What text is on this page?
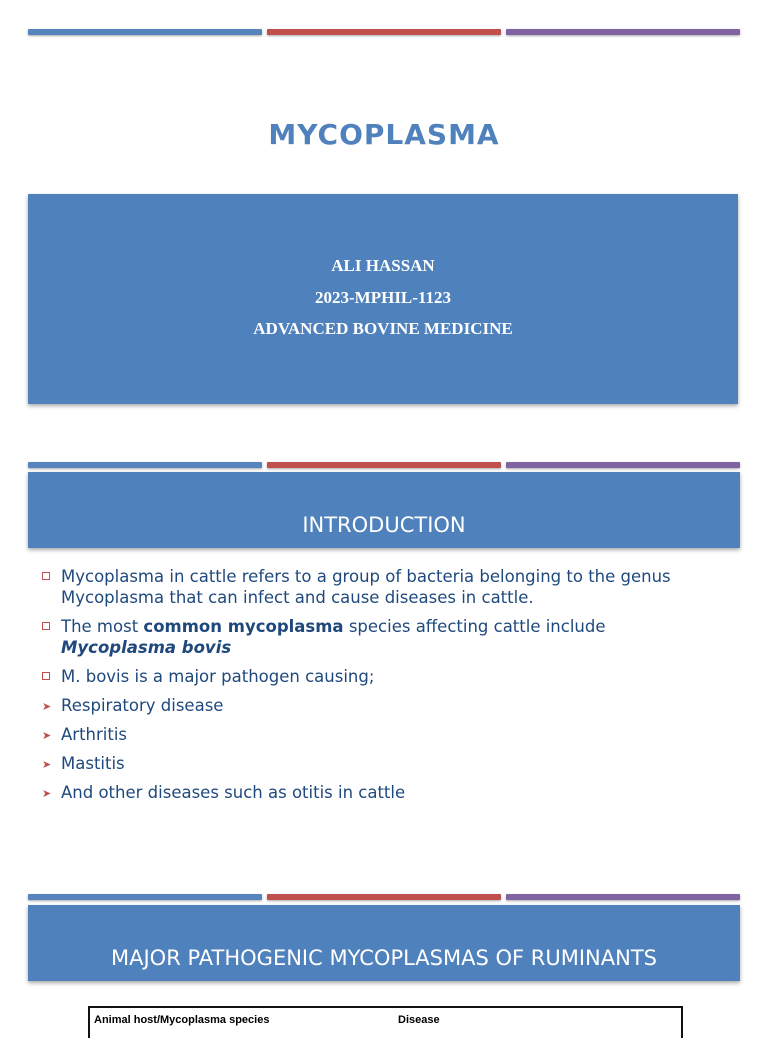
MYCOPLASMA
ALI HASSAN
2023-MPHIL-1123
ADVANCED BOVINE MEDICINE
INTRODUCTION
Mycoplasma in cattle refers to a group of bacteria belonging to the genus
Mycoplasma that can infect and cause diseases in cattle.
The most common mycoplasma species affecting cattle include
Mycoplasma bovis
M. bovis is a major pathogen causing;
➤ Respiratory disease
➤ Arthritis
➤ Mastitis
➤ And other diseases such as otitis in cattle
MAJOR PATHOGENIC MYCOPLASMAS OF RUMINANTS
Animal host/Mycoplasma species	Disease
